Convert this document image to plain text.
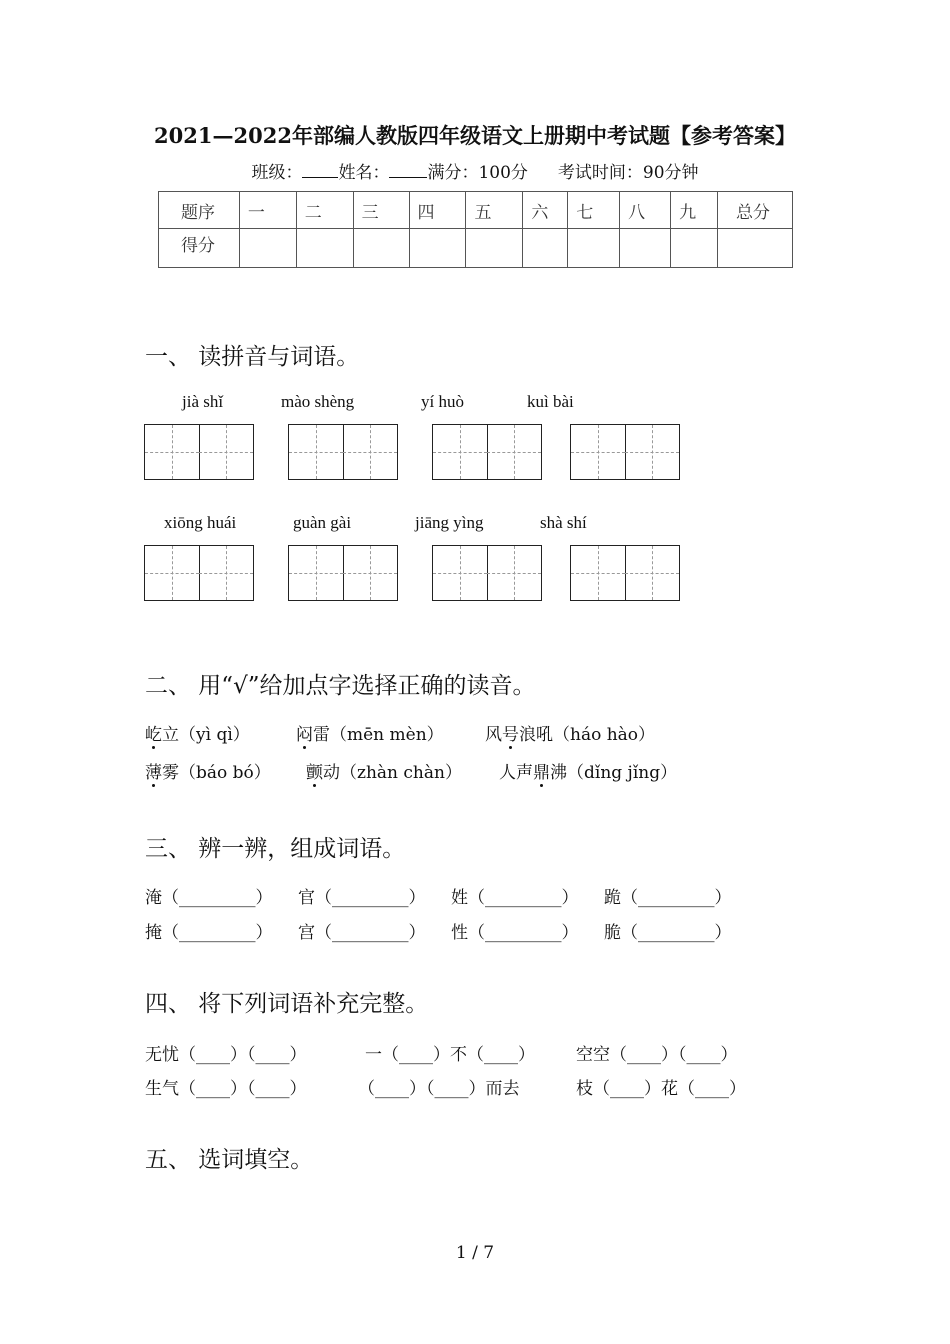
2021—2022年部编人教版四年级语文上册期中考试题【参考答案】
班级： 姓名： 满分：100分 考试时间：90分钟
题序	一	二	三	四	五	六	七	八	九	总分
得分										
一、 读拼音与词语。
jià shǐ	mào shèng	yí huò	kuì bài
xiōng huái	guàn gài	jiāng yìng	shà shí
二、 用“√”给加点字选择正确的读音。
屹立（yì qì）	闷雷（mēn mèn） 风号浪吼（háo hào）
薄雾（báo bó） 颤动（zhàn chàn） 人声鼎沸（dǐng jǐng）
三、 辨一辨，组成词语。
淹（_________） 官（_________） 姓（_________） 跪（_________）
掩（_________） 宫（_________） 性（_________） 脆（_________）
四、 将下列词语补充完整。
无忧（____）（____）	一（____）不（____） 空空（____）（____）
生气（____）（____）	（____）（____）而去	枝（____）花（____）
五、 选词填空。
1 / 7
